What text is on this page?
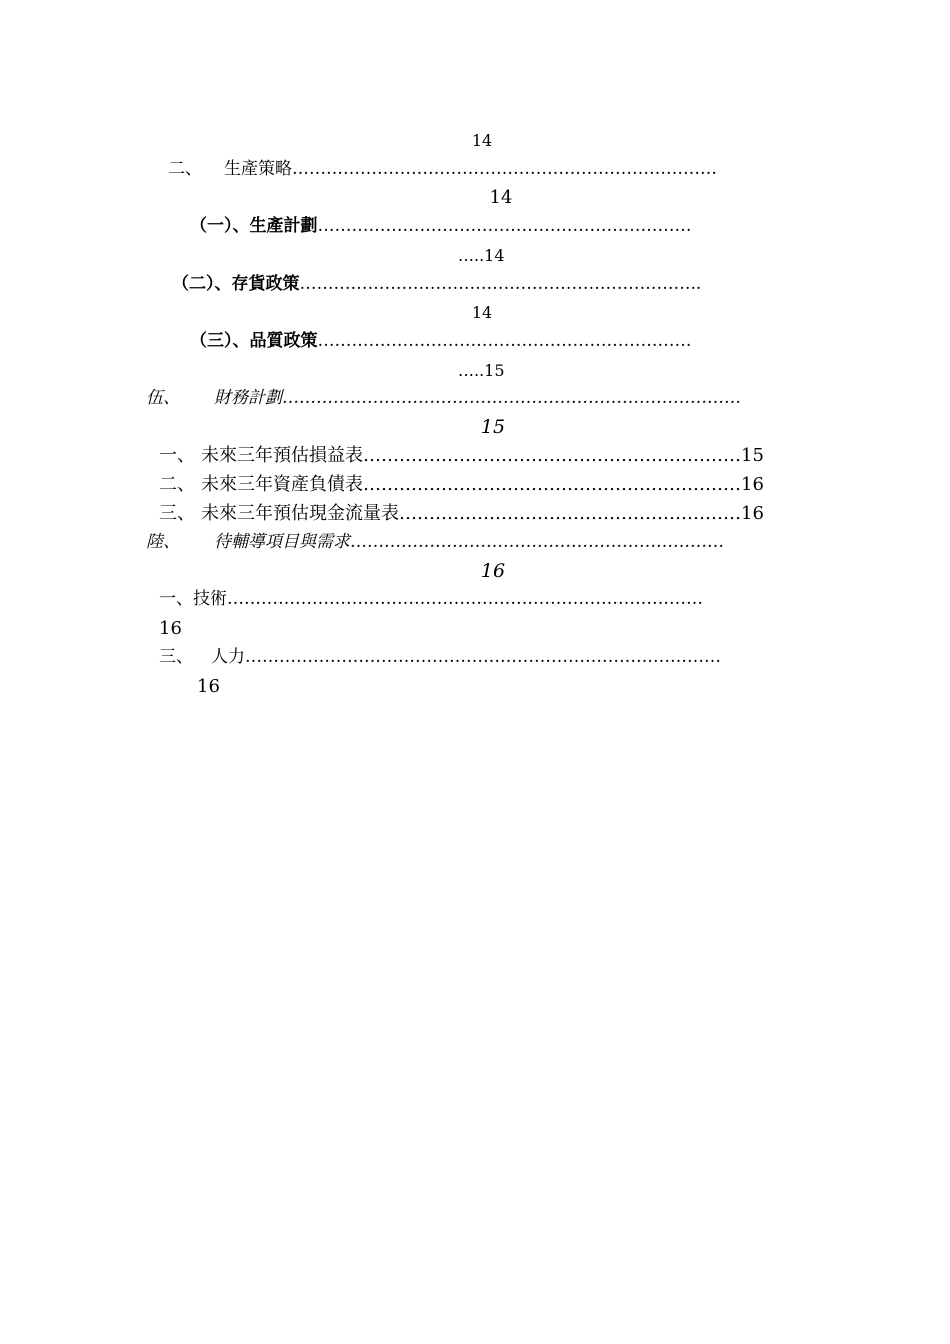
14
二、 生產策略…………………………………………………………………
14
（一）、生產計劃…………………………………………………………
…..14
（二）、存貨政策……………………………………………………………..
14
（三）、品質政策…………………………………………………………
…..15
伍、 財務計劃………………………………………………………………………
15
一、 未來三年預估損益表………………………………………………………15
二、 未來三年資產負債表………………………………………………………16
三、 未來三年預估現金流量表…………………………………………………16
陸、 待輔導項目與需求…………………………………………………………
16
一、技術…………………………………………………………………………
16
三、 人力…………………………………………………………………………
16
